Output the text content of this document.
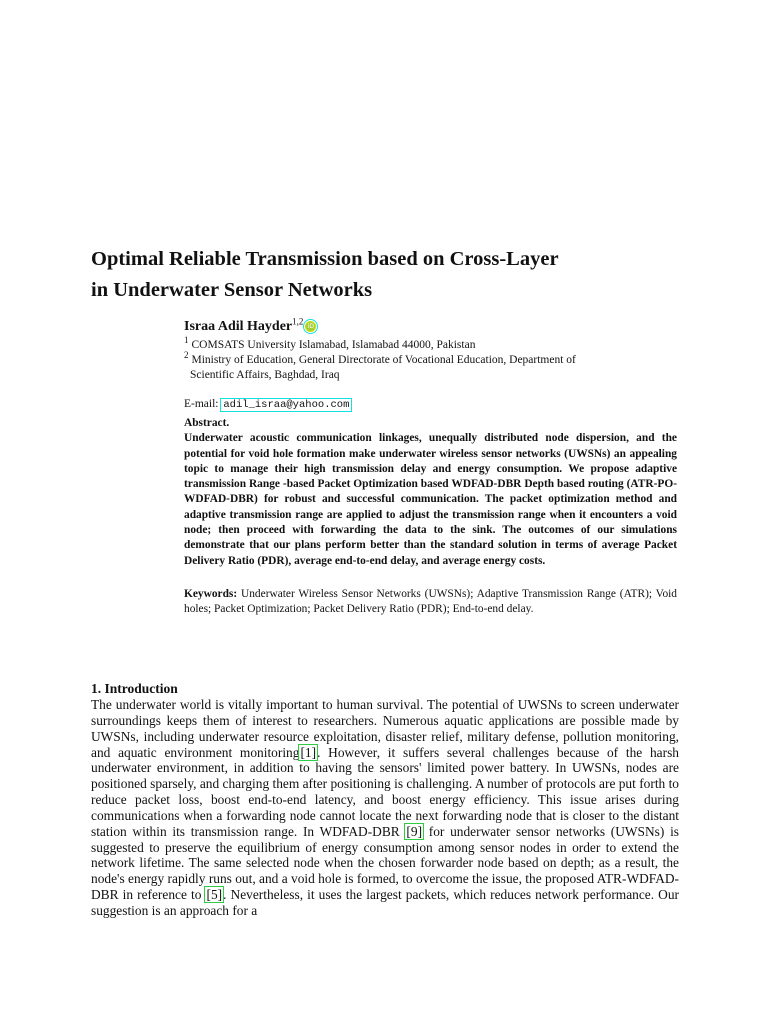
Optimal Reliable Transmission based on Cross-Layer
in Underwater Sensor Networks
Israa Adil Hayder$^{1,2}$ iD
$^1$ COMSATS University Islamabad, Islamabad 44000, Pakistan
$^2$ Ministry of Education, General Directorate of Vocational Education, Department of
Scientific Affairs, Baghdad, Iraq
E-mail: adil_israa@yahoo.com
Abstract.
Underwater acoustic communication linkages, unequally distributed node dispersion, and the potential for void hole formation make underwater wireless sensor networks (UWSNs) an appealing topic to manage their high transmission delay and energy consumption. We propose adaptive transmission Range -based Packet Optimization based WDFAD-DBR Depth based routing (ATR-PO-WDFAD-DBR) for robust and successful communication. The packet optimization method and adaptive transmission range are applied to adjust the transmission range when it encounters a void node; then proceed with forwarding the data to the sink. The outcomes of our simulations demonstrate that our plans perform better than the standard solution in terms of average Packet Delivery Ratio (PDR), average end-to-end delay, and average energy costs.
Keywords: Underwater Wireless Sensor Networks (UWSNs); Adaptive Transmission Range (ATR); Void holes; Packet Optimization; Packet Delivery Ratio (PDR); End-to-end delay.
1. Introduction

The underwater world is vitally important to human survival. The potential of UWSNs to screen underwater surroundings keeps them of interest to researchers. Numerous aquatic applications are possible made by UWSNs, including underwater resource exploitation, disaster relief, military defense, pollution monitoring, and aquatic environment monitoring[1]. However, it suffers several challenges because of the harsh underwater environment, in addition to having the sensors' limited power battery. In UWSNs, nodes are positioned sparsely, and charging them after positioning is challenging. A number of protocols are put forth to reduce packet loss, boost end-to-end latency, and boost energy efficiency. This issue arises during communications when a forwarding node cannot locate the next forwarding node that is closer to the distant station within its transmission range. In WDFAD-DBR [9] for underwater sensor networks (UWSNs) is suggested to preserve the equilibrium of energy consumption among sensor nodes in order to extend the network lifetime. The same selected node when the chosen forwarder node based on depth; as a result, the node's energy rapidly runs out, and a void hole is formed, to overcome the issue, the proposed ATR-WDFAD-DBR in reference to [5]. Nevertheless, it uses the largest packets, which reduces network performance. Our suggestion is an approach for a
